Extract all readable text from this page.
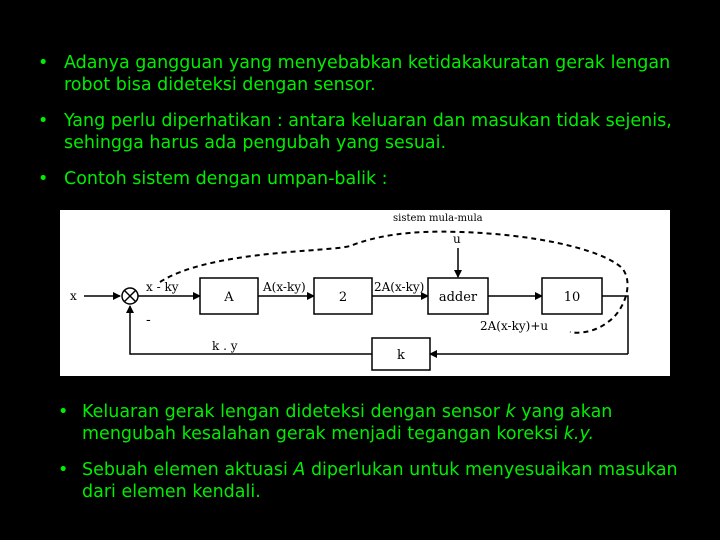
• Adanya gangguan yang menyebabkan ketidakakuratan gerak lengan robot bisa dideteksi dengan sensor.
• Yang perlu diperhatikan : antara keluaran dan masukan tidak sejenis, sehingga harus ada pengubah yang sesuai.
• Contoh sistem dengan umpan-balik :
sistem mula-mula
u
x
-
x - ky
A
A(x-ky)
2
2A(x-ky)
adder
2A(x-ky)+u
10
k
k . y
• Keluaran gerak lengan dideteksi dengan sensor k yang akan mengubah kesalahan gerak menjadi tegangan koreksi k.y.
• Sebuah elemen aktuasi A diperlukan untuk menyesuaikan masukan dari elemen kendali.
